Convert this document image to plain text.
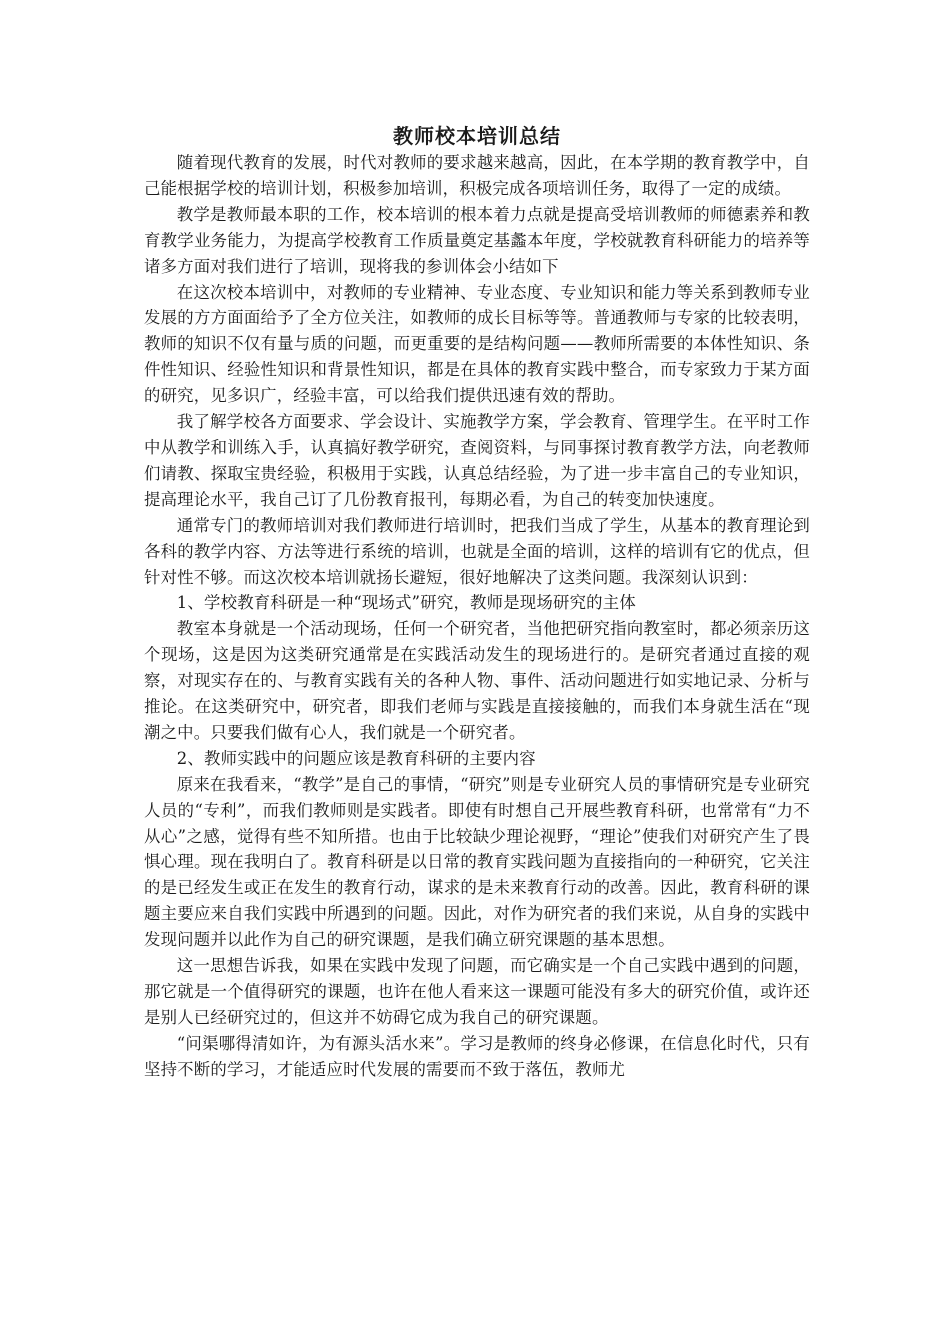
教师校本培训总结

随着现代教育的发展，时代对教师的要求越来越高，因此，在本学期的教育教学中，自己能根据学校的培训计划，积极参加培训，积极完成各项培训任务，取得了一定的成绩。

教学是教师最本职的工作，校本培训的根本着力点就是提高受培训教师的师德素养和教育教学业务能力，为提高学校教育工作质量奠定基蠡本年度，学校就教育科研能力的培养等诸多方面对我们进行了培训，现将我的参训体会小结如下

在这次校本培训中，对教师的专业精神、专业态度、专业知识和能力等关系到教师专业发展的方方面面给予了全方位关注，如教师的成长目标等等。普通教师与专家的比较表明，教师的知识不仅有量与质的问题，而更重要的是结构问题——教师所需要的本体性知识、条件性知识、经验性知识和背景性知识，都是在具体的教育实践中整合，而专家致力于某方面的研究，见多识广，经验丰富，可以给我们提供迅速有效的帮助。

我了解学校各方面要求、学会设计、实施教学方案，学会教育、管理学生。在平时工作中从教学和训练入手，认真搞好教学研究，查阅资料，与同事探讨教育教学方法，向老教师们请教、探取宝贵经验，积极用于实践，认真总结经验，为了进一步丰富自己的专业知识，提高理论水平，我自己订了几份教育报刊，每期必看，为自己的转变加快速度。

通常专门的教师培训对我们教师进行培训时，把我们当成了学生，从基本的教育理论到各科的教学内容、方法等进行系统的培训，也就是全面的培训，这样的培训有它的优点，但针对性不够。而这次校本培训就扬长避短，很好地解决了这类问题。我深刻认识到：

1、学校教育科研是一种“现场式”研究，教师是现场研究的主体

教室本身就是一个活动现场，任何一个研究者，当他把研究指向教室时，都必须亲历这个现场，这是因为这类研究通常是在实践活动发生的现场进行的。是研究者通过直接的观察，对现实存在的、与教育实践有关的各种人物、事件、活动问题进行如实地记录、分析与推论。在这类研究中，研究者，即我们老师与实践是直接接触的，而我们本身就生活在“现潮之中。只要我们做有心人，我们就是一个研究者。

2、教师实践中的问题应该是教育科研的主要内容

原来在我看来，“教学”是自己的事情，“研究”则是专业研究人员的事情研究是专业研究人员的“专利”，而我们教师则是实践者。即使有时想自己开展些教育科研，也常常有“力不从心”之感，觉得有些不知所措。也由于比较缺少理论视野，“理论”使我们对研究产生了畏惧心理。现在我明白了。教育科研是以日常的教育实践问题为直接指向的一种研究，它关注的是已经发生或正在发生的教育行动，谋求的是未来教育行动的改善。因此，教育科研的课题主要应来自我们实践中所遇到的问题。因此，对作为研究者的我们来说，从自身的实践中发现问题并以此作为自己的研究课题，是我们确立研究课题的基本思想。

这一思想告诉我，如果在实践中发现了问题，而它确实是一个自己实践中遇到的问题，那它就是一个值得研究的课题，也许在他人看来这一课题可能没有多大的研究价值，或许还是别人已经研究过的，但这并不妨碍它成为我自己的研究课题。

“问渠哪得清如许，为有源头活水来”。学习是教师的终身必修课，在信息化时代，只有坚持不断的学习，才能适应时代发展的需要而不致于落伍，教师尤
